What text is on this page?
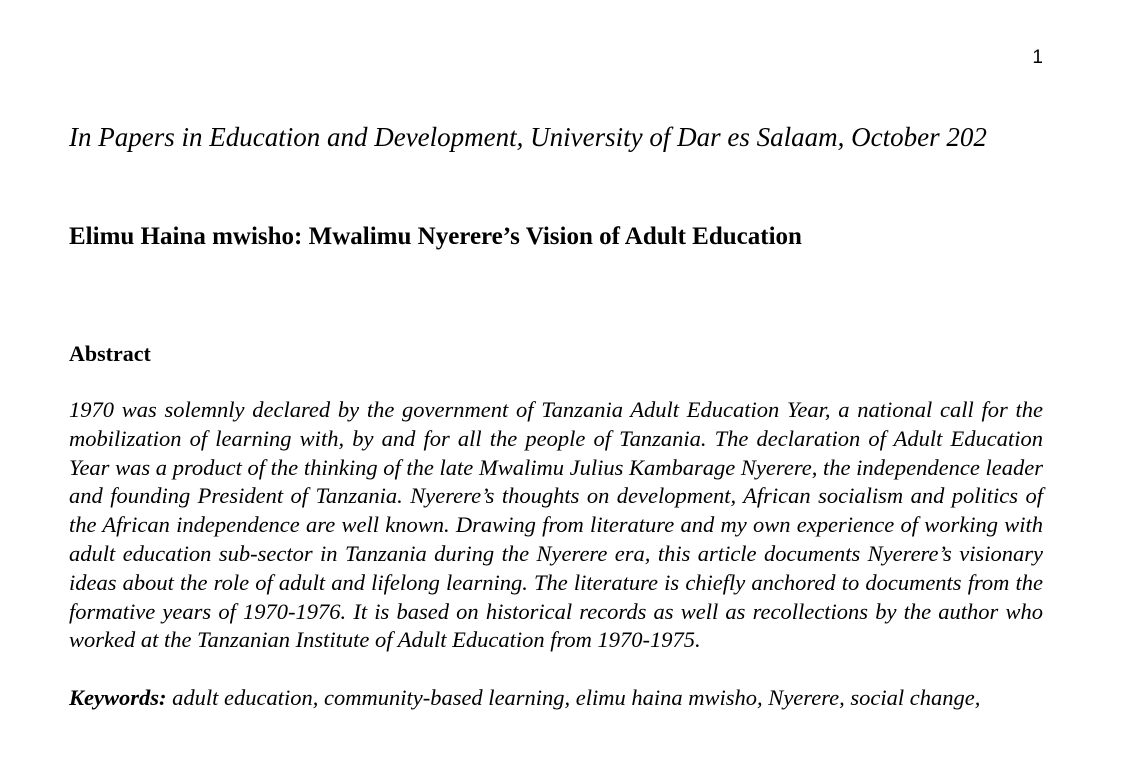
1
In Papers in Education and Development, University of Dar es Salaam, October 202
Elimu Haina mwisho: Mwalimu Nyerere’s Vision of Adult Education
Abstract
1970 was solemnly declared by the government of Tanzania Adult Education Year, a national call for the mobilization of learning with, by and for all the people of Tanzania. The declaration of Adult Education Year was a product of the thinking of the late Mwalimu Julius Kambarage Nyerere, the independence leader and founding President of Tanzania. Nyerere’s thoughts on development, African socialism and politics of the African independence are well known. Drawing from literature and my own experience of working with adult education sub-sector in Tanzania during the Nyerere era, this article documents Nyerere’s visionary ideas about the role of adult and lifelong learning. The literature is chiefly anchored to documents from the formative years of 1970-1976. It is based on historical records as well as recollections by the author who worked at the Tanzanian Institute of Adult Education from 1970-1975.
Keywords: adult education, community-based learning, elimu haina mwisho, Nyerere, social change,
